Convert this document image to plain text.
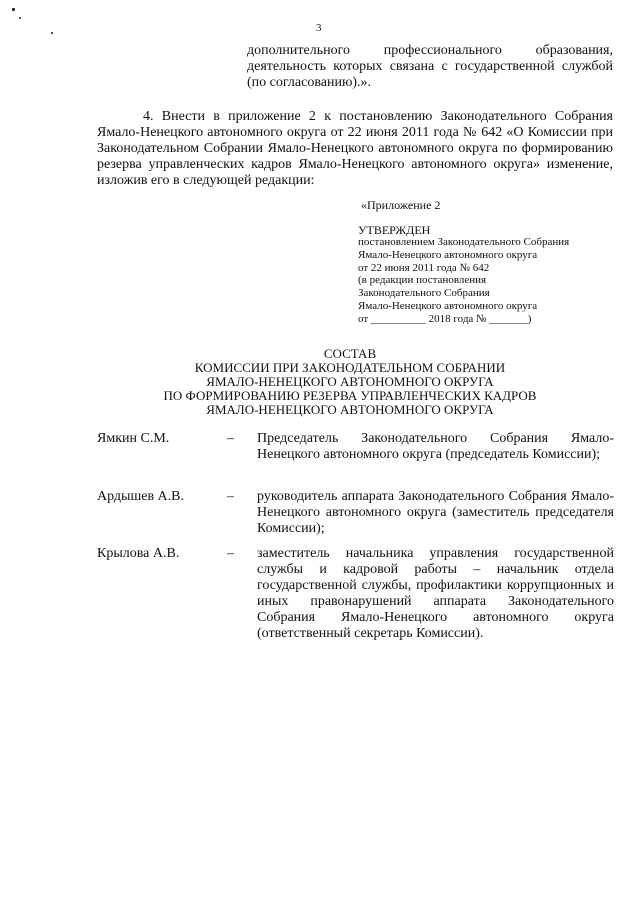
3
дополнительного профессионального образования, деятельность которых связана с государственной службой (по согласованию).».
4. Внести в приложение 2 к постановлению Законодательного Собрания Ямало-Ненецкого автономного округа от 22 июня 2011 года № 642 «О Комиссии при Законодательном Собрании Ямало-Ненецкого автономного округа по формированию резерва управленческих кадров Ямало-Ненецкого автономного округа» изменение, изложив его в следующей редакции:
«Приложение 2
УТВЕРЖДЕН
постановлением Законодательного Собрания
Ямало-Ненецкого автономного округа
от 22 июня 2011 года № 642
(в редакции постановления
Законодательного Собрания
Ямало-Ненецкого автономного округа
от __________ 2018 года № _______)
СОСТАВ
КОМИССИИ ПРИ ЗАКОНОДАТЕЛЬНОМ СОБРАНИИ
ЯМАЛО-НЕНЕЦКОГО АВТОНОМНОГО ОКРУГА
ПО ФОРМИРОВАНИЮ РЕЗЕРВА УПРАВЛЕНЧЕСКИХ КАДРОВ
ЯМАЛО-НЕНЕЦКОГО АВТОНОМНОГО ОКРУГА
Ямкин С.М.	– Председатель Законодательного Собрания Ямало-Ненецкого автономного округа (председатель Комиссии);
Ардышев А.В.	– руководитель аппарата Законодательного Собрания Ямало-Ненецкого автономного округа (заместитель председателя Комиссии);
Крылова А.В.	– заместитель начальника управления государственной службы и кадровой работы – начальник отдела государственной службы, профилактики коррупционных и иных правонарушений аппарата Законодательного Собрания Ямало-Ненецкого автономного округа (ответственный секретарь Комиссии).
